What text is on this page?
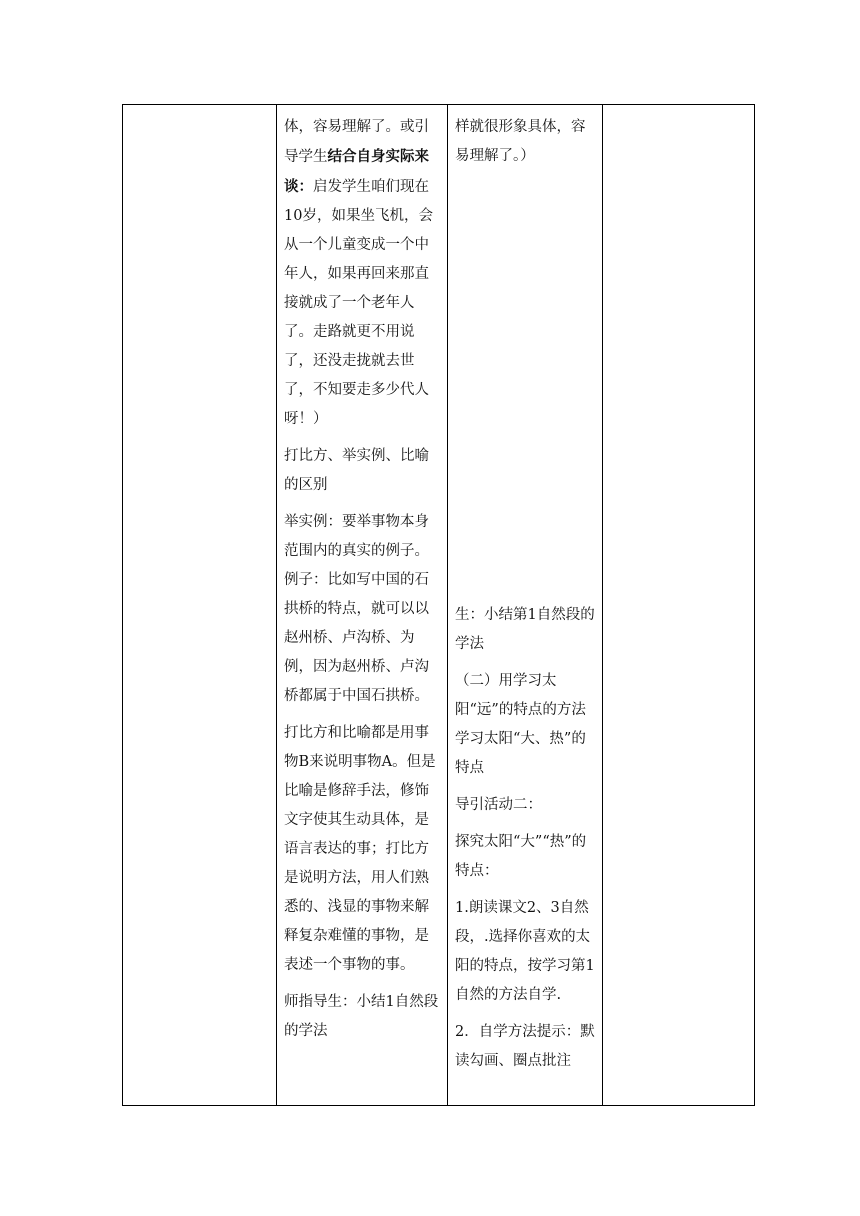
体，容易理解了。或引导学生结合自身实际来谈：启发学生咱们现在10岁，如果坐飞机，会从一个儿童变成一个中年人，如果再回来那直接就成了一个老年人了。走路就更不用说了，还没走拢就去世了，不知要走多少代人呀！）

打比方、举实例、比喻的区别

举实例：要举事物本身范围内的真实的例子。例子：比如写中国的石拱桥的特点，就可以以赵州桥、卢沟桥、为例，因为赵州桥、卢沟桥都属于中国石拱桥。

打比方和比喻都是用事物B来说明事物A。但是比喻是修辞手法，修饰文字使其生动具体，是语言表达的事；打比方是说明方法，用人们熟悉的、浅显的事物来解释复杂难懂的事物，是表述一个事物的事。

师指导生：小结1自然段的学法

样就很形象具体，容易理解了。）

生：小结第1自然段的学法

（二）用学习太阳“远”的特点的方法学习太阳“大、热”的特点

导引活动二：

探究太阳“大”“热”的特点：

1.朗读课文2、3自然段，.选择你喜欢的太阳的特点，按学习第1自然的方法自学.

2．自学方法提示：默读勾画、圈点批注
